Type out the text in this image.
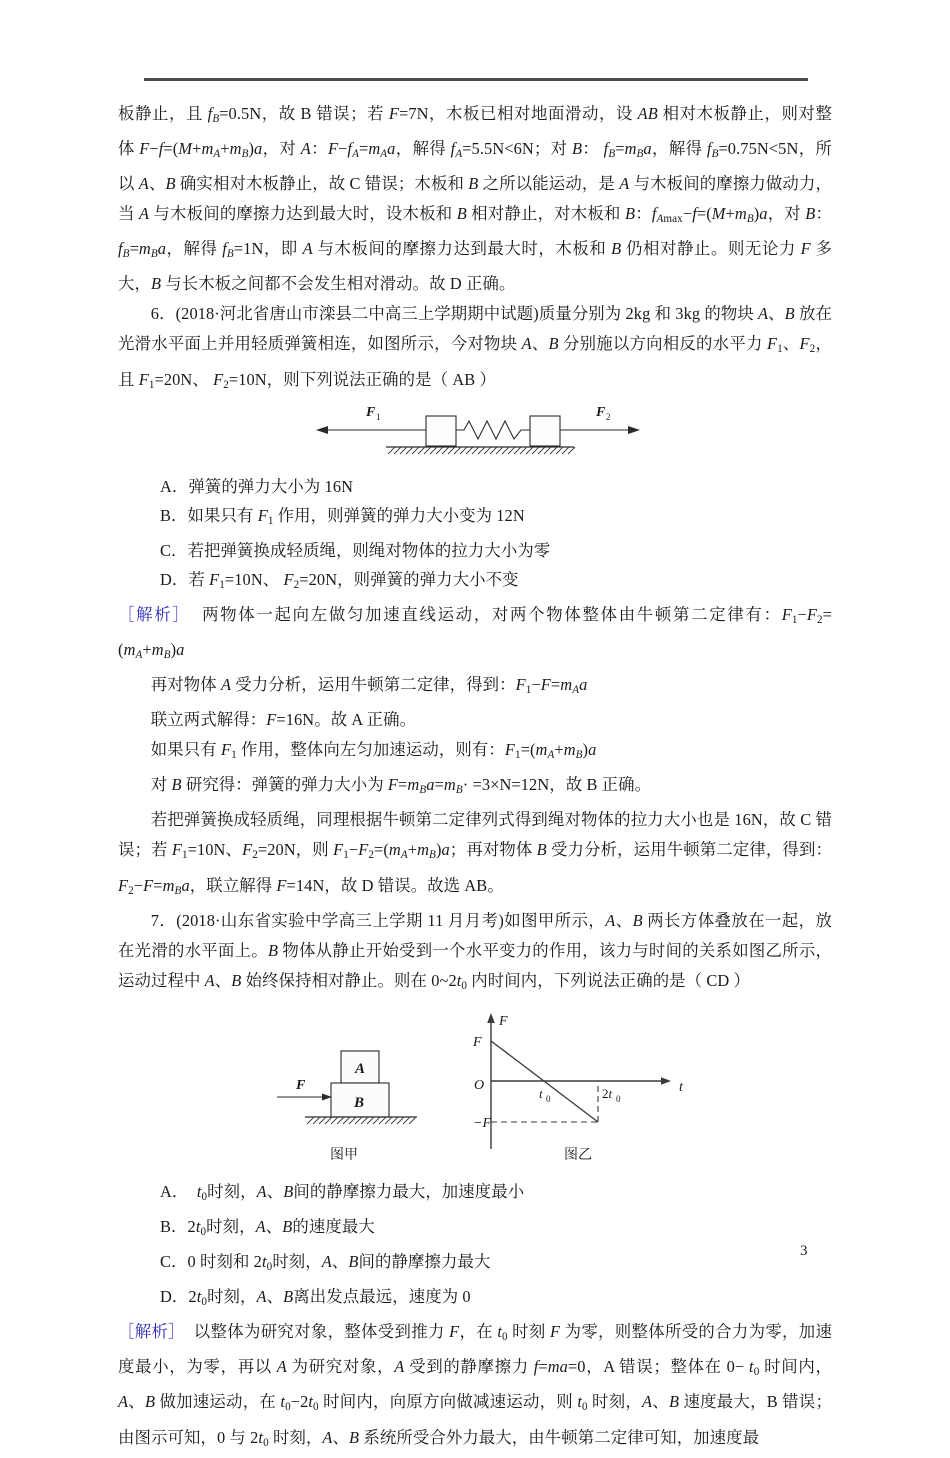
板静止，且 $f_B=0.5N$，故 B 错误；若 F=7N，木板已相对地面滑动，设 AB 相对木板静止，则对整体 $F-f=(M+m_A+m_B)a$，对 A：$F-f_A=m_Aa$，解得 $f_A=5.5N<6N$；对 B： $f_B=m_Ba$，解得 $f_B=0.75N<5N$，所以 A、B 确实相对木板静止，故 C 错误；木板和 B 之所以能运动，是 A 与木板间的摩擦力做动力，当 A 与木板间的摩擦力达到最大时，设木板和 B 相对静止，对木板和 B：$f_A\max-f=(M+m_B)a$，对 B：$f_B=m_Ba$，解得 $f_B=1N$，即 A 与木板间的摩擦力达到最大时，木板和 B 仍相对静止。则无论力 F 多大，B 与长木板之间都不会发生相对滑动。故 D 正确。

6．(2018·河北省唐山市滦县二中高三上学期期中试题)质量分别为 2kg 和 3kg 的物块 A、B 放在光滑水平面上并用轻质弹簧相连，如图所示，今对物块 A、B 分别施以方向相反的水平力 F1、F2，且 F1=20N、 F2=10N，则下列说法正确的是（ AB ）

F 1	F 2

A．弹簧的弹力大小为 16N

B．如果只有 F1 作用，则弹簧的弹力大小变为 12N

C．若把弹簧换成轻质绳，则绳对物体的拉力大小为零

D．若 F1=10N、 F2=20N，则弹簧的弹力大小不变

［解析］  两物体一起向左做匀加速直线运动，对两个物体整体由牛顿第二定律有：$F1-F2=(m_A+m_B)a$

再对物体 A 受力分析，运用牛顿第二定律，得到：$F1-F=m_Aa$

联立两式解得：F=16N。故 A 正确。

如果只有 F1 作用，整体向左匀加速运动，则有：$F1=(m_A+m_B)a$

对 B 研究得：弹簧的弹力大小为 $F=m_Ba=m_B\cdot =3\times N=12N$，故 B 正确。

若把弹簧换成轻质绳，同理根据牛顿第二定律列式得到绳对物体的拉力大小也是 16N，故 C 错误；若 F1=10N、F2=20N，则 $F1-F2=(m_A+m_B)a$；再对物体 B 受力分析，运用牛顿第二定律，得到：$F2-F=m_Ba$，联立解得 F=14N，故 D 错误。故选 AB。

7．(2018·山东省实验中学高三上学期 11 月月考)如图甲所示，A、B 两长方体叠放在一起，放在光滑的水平面上。B 物体从静止开始受到一个水平变力的作用，该力与时间的关系如图乙所示，运动过程中 A、B 始终保持相对静止。则在 0~2t0 内时间内，下列说法正确的是（ CD ）

A
B
F
图甲
F
t
F
−F
O
t 0	2t 0
图乙

A．  t0时刻，A、B间的静摩擦力最大，加速度最小

B．2t0时刻，A、B的速度最大

C．0 时刻和 2t0时刻，A、B间的静摩擦力最大

D．2t0时刻，A、B离出发点最远，速度为 0

［解析］  以整体为研究对象，整体受到推力 F，在 t0 时刻 F 为零，则整体所受的合力为零，加速度最小，为零，再以 A 为研究对象，A 受到的静摩擦力 f=ma=0，A 错误；整体在 0− t0 时间内，A、B 做加速运动，在 t0−2t0 时间内，向原方向做减速运动，则 t0 时刻，A、B 速度最大，B 错误；由图示可知，0 与 2t0 时刻，A、B 系统所受合外力最大，由牛顿第二定律可知，加速度最

3
